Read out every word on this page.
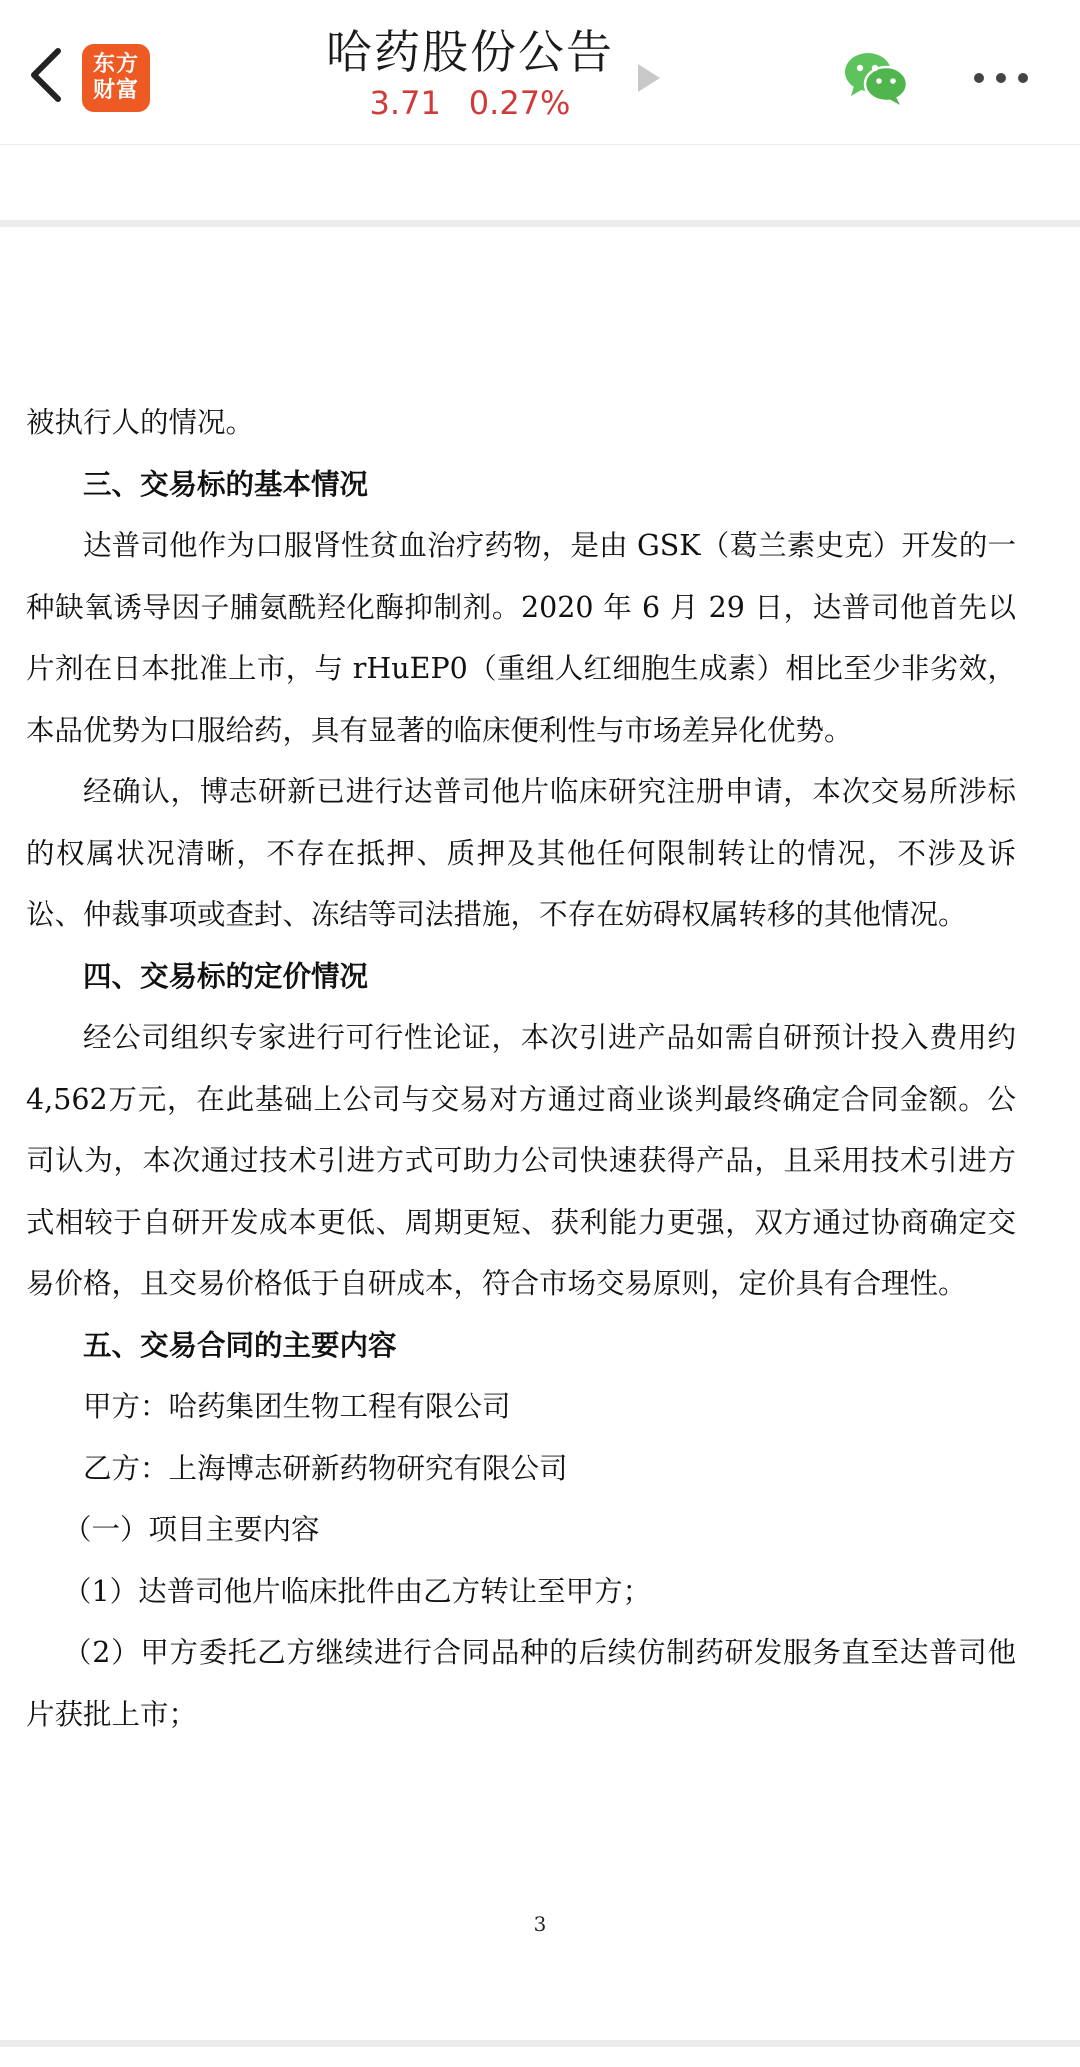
东方
财富
哈药股份公告
3.71 0.27%

被执行人的情况。

三、交易标的基本情况

达普司他作为口服肾性贫血治疗药物，是由 GSK（葛兰素史克）开发的一种缺氧诱导因子脯氨酰羟化酶抑制剂。2020 年 6 月 29 日，达普司他首先以片剂在日本批准上市，与 rHuEP0（重组人红细胞生成素）相比至少非劣效，本品优势为口服给药，具有显著的临床便利性与市场差异化优势。

经确认，博志研新已进行达普司他片临床研究注册申请，本次交易所涉标的权属状况清晰，不存在抵押、质押及其他任何限制转让的情况，不涉及诉讼、仲裁事项或查封、冻结等司法措施，不存在妨碍权属转移的其他情况。

四、交易标的定价情况

经公司组织专家进行可行性论证，本次引进产品如需自研预计投入费用约4,562万元，在此基础上公司与交易对方通过商业谈判最终确定合同金额。公司认为，本次通过技术引进方式可助力公司快速获得产品，且采用技术引进方式相较于自研开发成本更低、周期更短、获利能力更强，双方通过协商确定交易价格，且交易价格低于自研成本，符合市场交易原则，定价具有合理性。

五、交易合同的主要内容

甲方：哈药集团生物工程有限公司

乙方：上海博志研新药物研究有限公司

（一）项目主要内容

（1）达普司他片临床批件由乙方转让至甲方；

（2）甲方委托乙方继续进行合同品种的后续仿制药研发服务直至达普司他片获批上市；

3
